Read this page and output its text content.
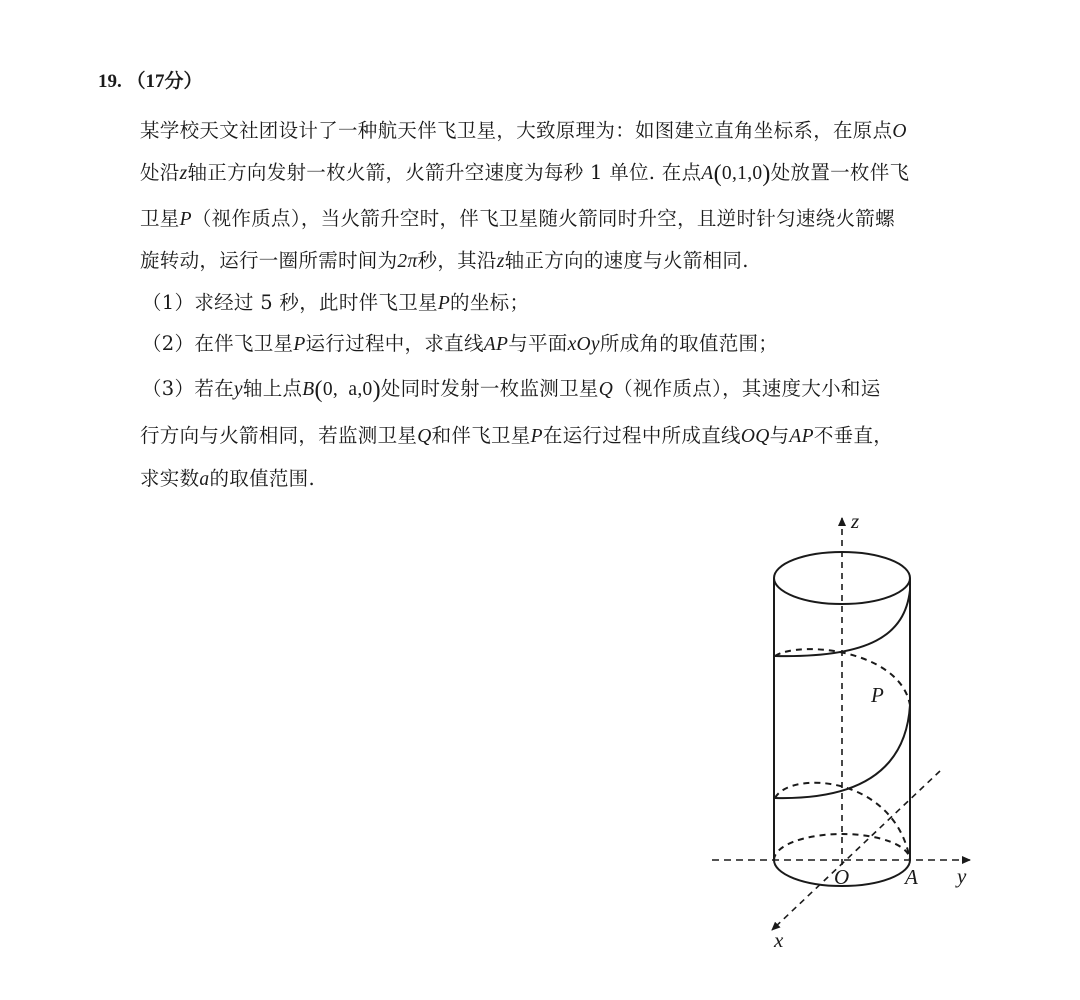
19. （17分）
某学校天文社团设计了一种航天伴飞卫星，大致原理为：如图建立直角坐标系，在原点O
处沿z轴正方向发射一枚火箭，火箭升空速度为每秒 1 单位. 在点A(0,1,0)处放置一枚伴飞
卫星P（视作质点），当火箭升空时，伴飞卫星随火箭同时升空，且逆时针匀速绕火箭螺
旋转动，运行一圈所需时间为2π秒，其沿z轴正方向的速度与火箭相同.
（1）求经过 5 秒，此时伴飞卫星P的坐标；
（2）在伴飞卫星P运行过程中，求直线AP与平面xOy所成角的取值范围；
（3）若在y轴上点B(0,  a,0)处同时发射一枚监测卫星Q（视作质点），其速度大小和运
行方向与火箭相同，若监测卫星Q和伴飞卫星P在运行过程中所成直线OQ与AP不垂直，
求实数a的取值范围.
z
y
x
O	A
P
